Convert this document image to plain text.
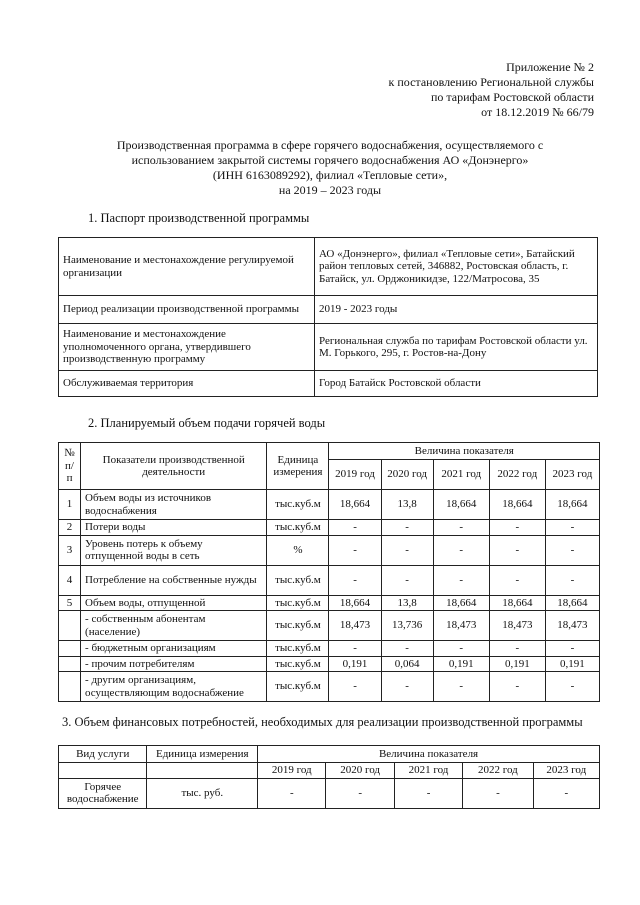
Приложение № 2
к постановлению Региональной службы
по тарифам Ростовской области
от 18.12.2019 № 66/79
Производственная программа в сфере горячего водоснабжения, осуществляемого с
использованием закрытой системы горячего водоснабжения АО «Донэнерго»
(ИНН 6163089292), филиал «Тепловые сети»,
на 2019 – 2023 годы
1. Паспорт производственной программы
Наименование и местонахождение регулируемой организации	АО «Донэнерго», филиал «Тепловые сети», Батайский район тепловых сетей, 346882, Ростовская область, г. Батайск, ул. Орджоникидзе, 122/Матросова, 35
Период реализации производственной программы	2019 - 2023 годы
Наименование и местонахождение уполномоченного органа, утвердившего производственную программу	Региональная служба по тарифам Ростовской области ул. М. Горького, 295, г. Ростов-на-Дону
Обслуживаемая территория	Город Батайск Ростовской области
2. Планируемый объем подачи горячей воды
№ п/п	Показатели производственной деятельности	Единица измерения	Величина показателя				
			2019 год	2020 год	2021 год	2022 год	2023 год
1	Объем воды из источников водоснабжения	тыс.куб.м	18,664	13,8	18,664	18,664	18,664
2	Потери воды	тыс.куб.м	-	-	-	-	-
3	Уровень потерь к объему отпущенной воды в сеть	%	-	-	-	-	-
4	Потребление на собственные нужды	тыс.куб.м	-	-	-	-	-
5	Объем воды, отпущенной	тыс.куб.м	18,664	13,8	18,664	18,664	18,664
	- собственным абонентам (население)	тыс.куб.м	18,473	13,736	18,473	18,473	18,473
	- бюджетным организациям	тыс.куб.м	-	-	-	-	-
	- прочим потребителям	тыс.куб.м	0,191	0,064	0,191	0,191	0,191
	- другим организациям, осуществляющим водоснабжение	тыс.куб.м	-	-	-	-	-
3. Объем финансовых потребностей, необходимых для реализации производственной программы
Вид услуги	Единица измерения	Величина показателя				
		2019 год	2020 год	2021 год	2022 год	2023 год
Горячее водоснабжение	тыс. руб.	-	-	-	-	-
